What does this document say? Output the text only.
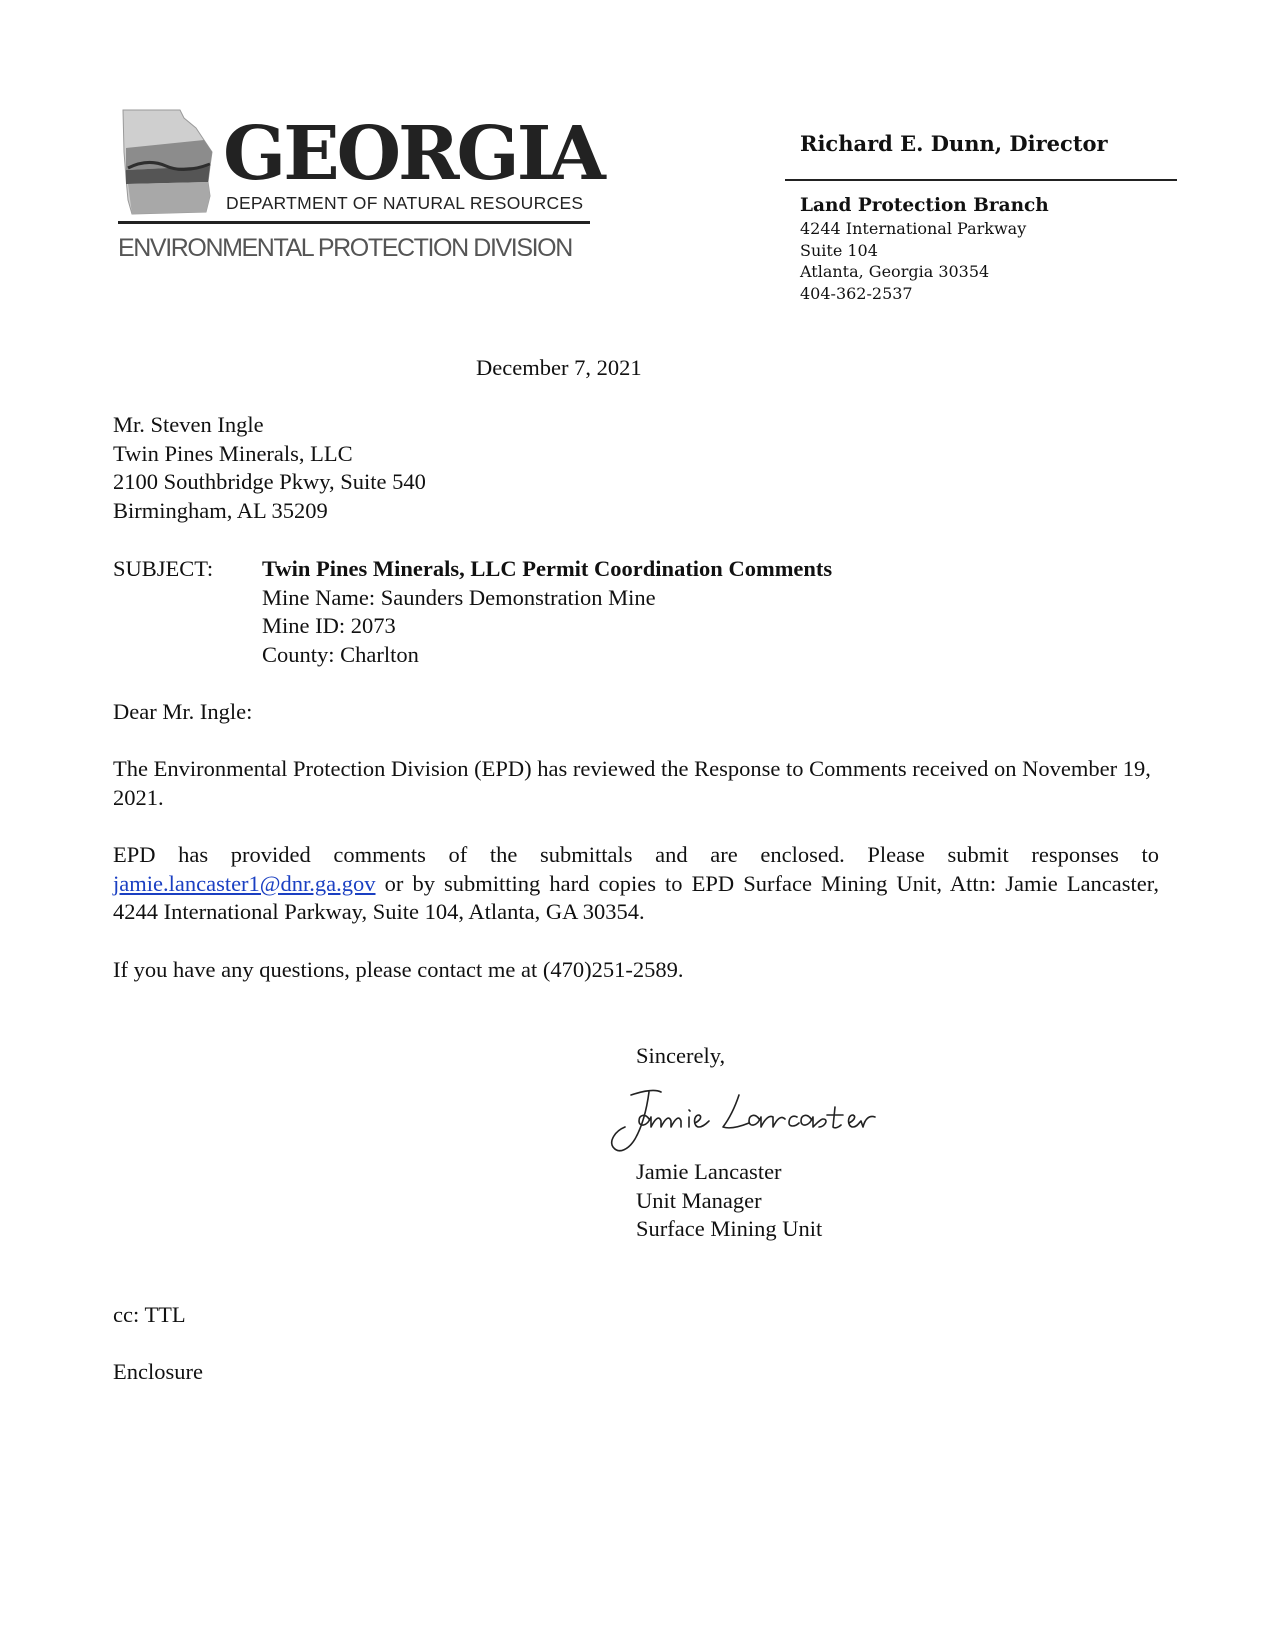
GEORGIA
DEPARTMENT OF NATURAL RESOURCES
ENVIRONMENTAL PROTECTION DIVISION
Richard E. Dunn, Director
Land Protection Branch
4244 International Parkway
Suite 104
Atlanta, Georgia 30354
404-362-2537
December 7, 2021
Mr. Steven Ingle
Twin Pines Minerals, LLC
2100 Southbridge Pkwy, Suite 540
Birmingham, AL 35209
SUBJECT: Twin Pines Minerals, LLC Permit Coordination Comments
Mine Name: Saunders Demonstration Mine
Mine ID: 2073
County: Charlton
Dear Mr. Ingle:
The Environmental Protection Division (EPD) has reviewed the Response to Comments received on November 19, 2021.
EPD has provided comments of the submittals and are enclosed. Please submit responses to jamie.lancaster1@dnr.ga.gov or by submitting hard copies to EPD Surface Mining Unit, Attn: Jamie Lancaster, 4244 International Parkway, Suite 104, Atlanta, GA 30354.
If you have any questions, please contact me at (470)251-2589.
Sincerely,
Jamie Lancaster
Unit Manager
Surface Mining Unit
cc: TTL
Enclosure
